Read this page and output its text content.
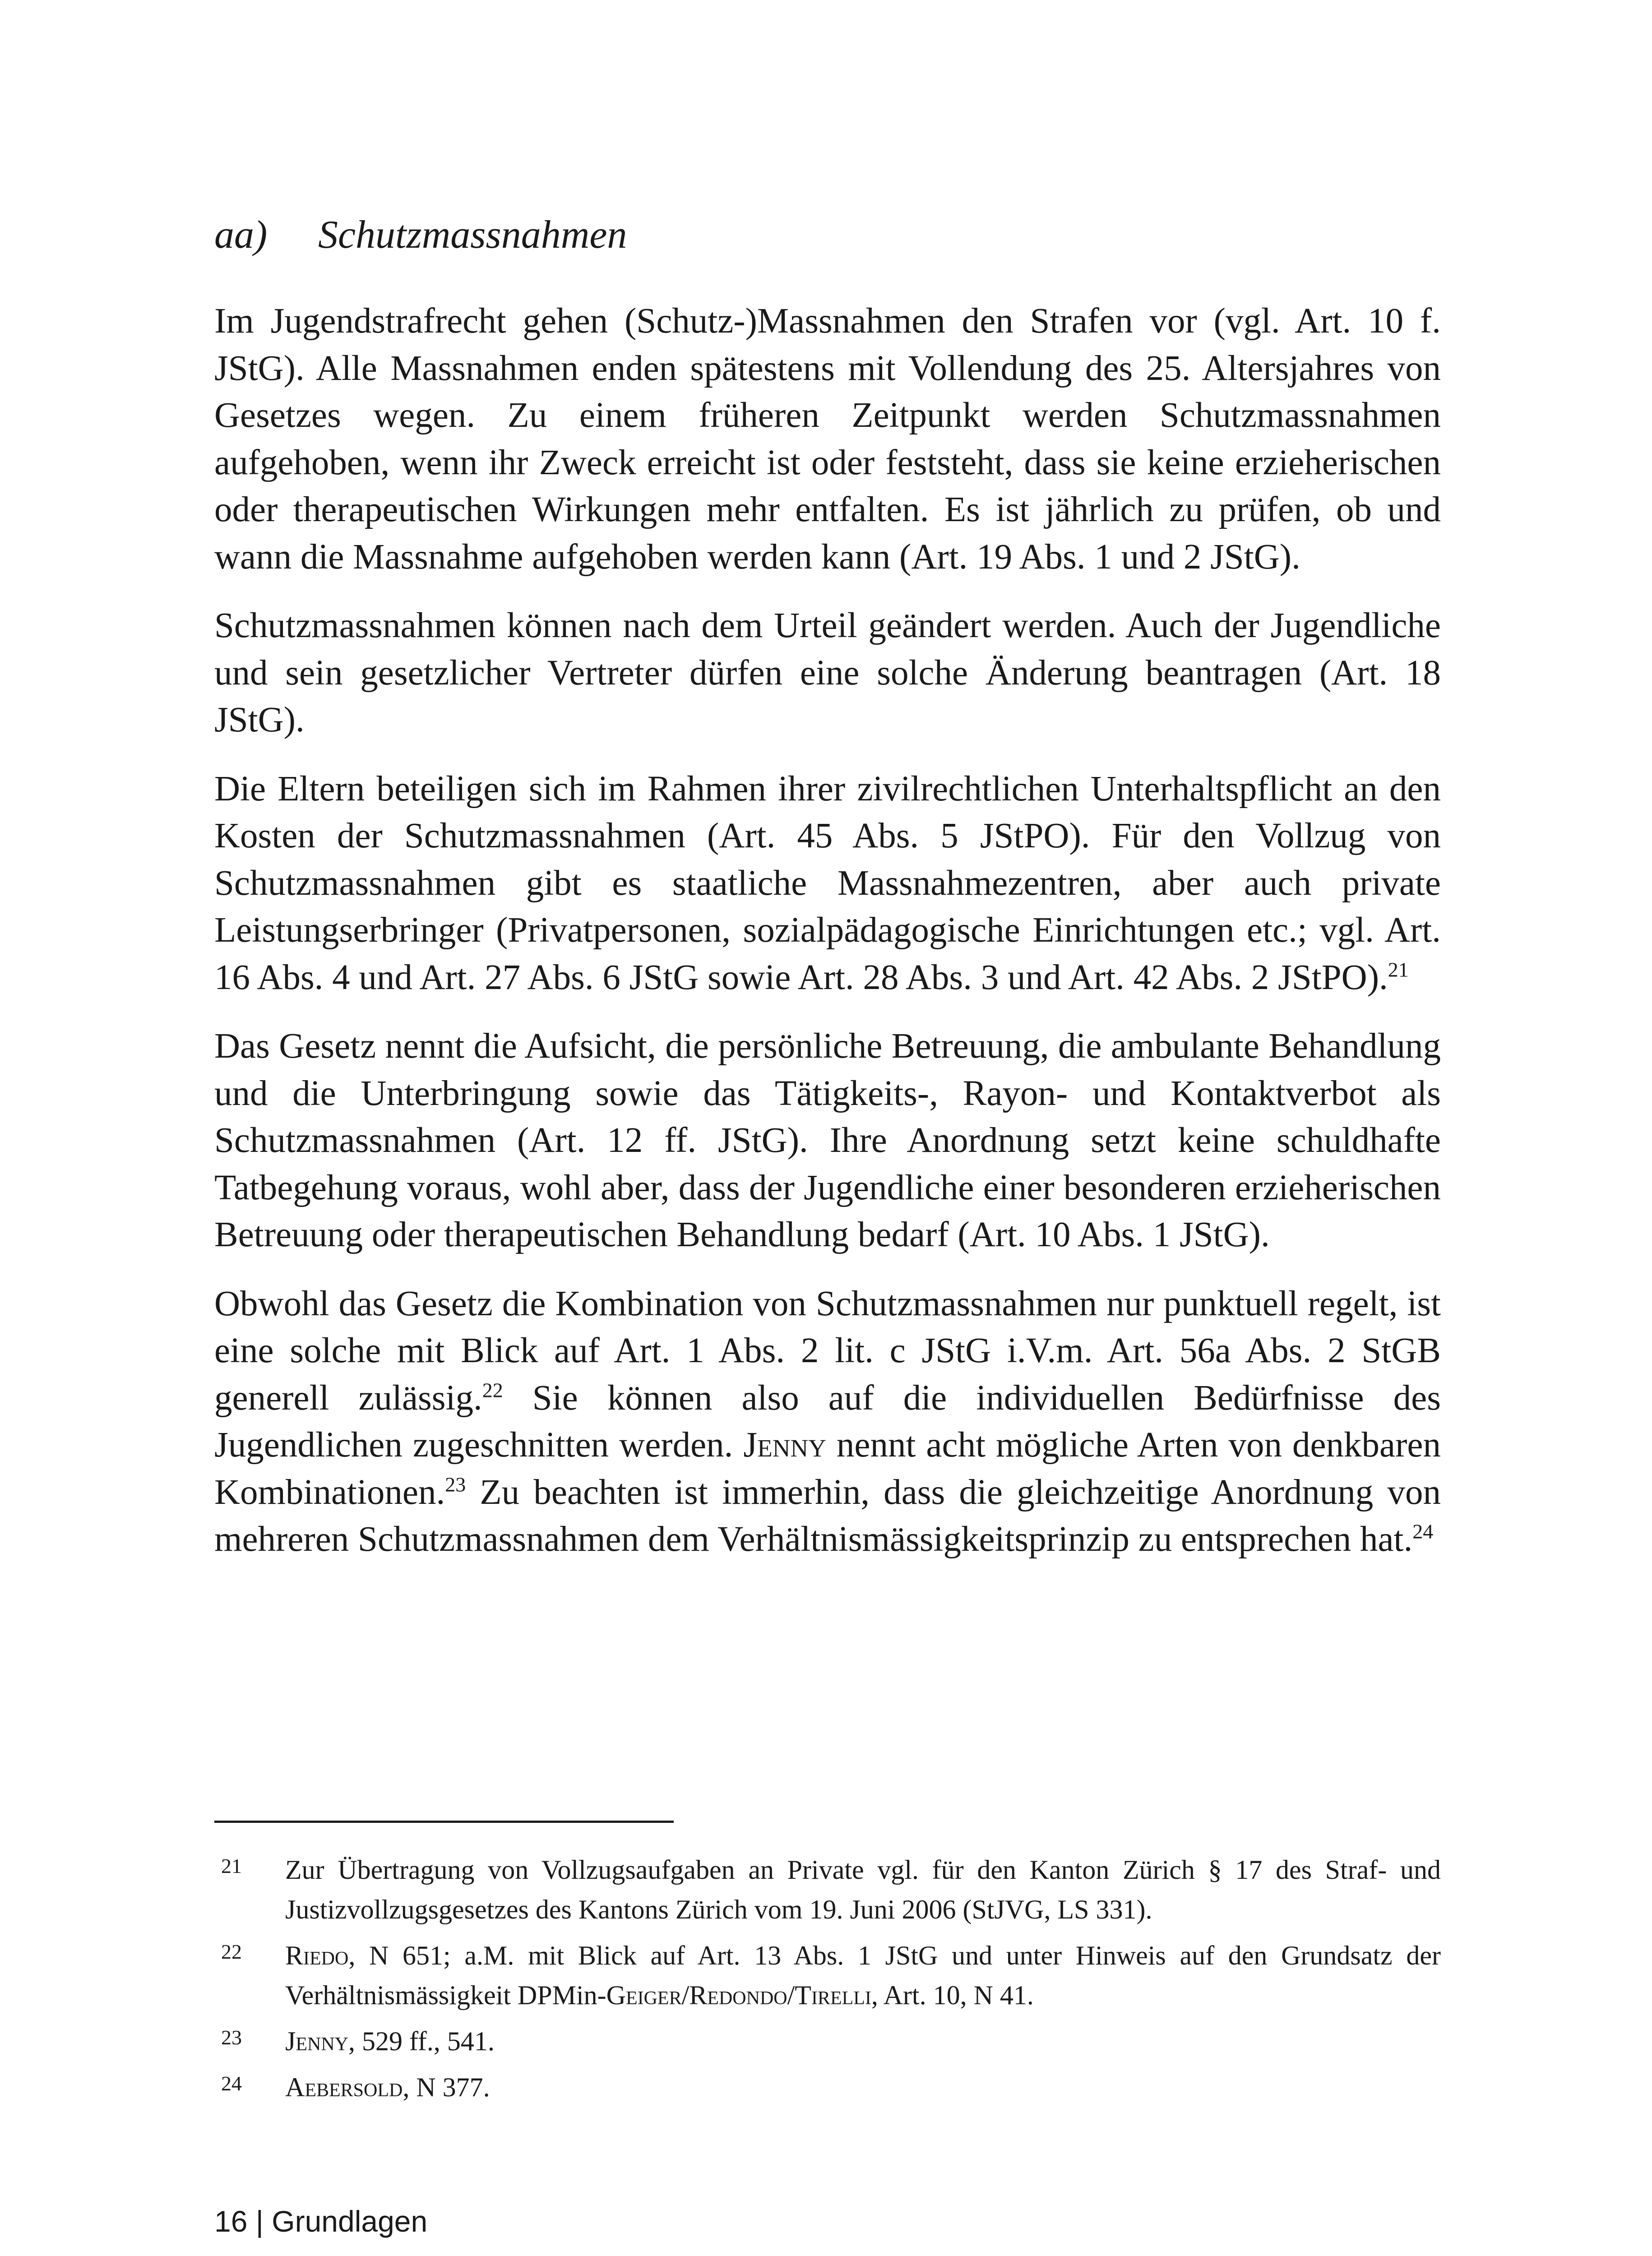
aa) Schutzmassnahmen

Im Jugendstrafrecht gehen (Schutz-)Massnahmen den Strafen vor (vgl. Art. 10 f. JStG). Alle Massnahmen enden spätestens mit Vollendung des 25. Altersjahres von Gesetzes wegen. Zu einem früheren Zeitpunkt werden Schutzmassnahmen aufgehoben, wenn ihr Zweck erreicht ist oder feststeht, dass sie keine erzieherischen oder therapeutischen Wirkungen mehr entfalten. Es ist jährlich zu prüfen, ob und wann die Massnahme aufgehoben werden kann (Art. 19 Abs. 1 und 2 JStG).

Schutzmassnahmen können nach dem Urteil geändert werden. Auch der Jugendliche und sein gesetzlicher Vertreter dürfen eine solche Änderung beantragen (Art. 18 JStG).

Die Eltern beteiligen sich im Rahmen ihrer zivilrechtlichen Unterhaltspflicht an den Kosten der Schutzmassnahmen (Art. 45 Abs. 5 JStPO). Für den Vollzug von Schutzmassnahmen gibt es staatliche Massnahmezentren, aber auch private Leistungserbringer (Privatpersonen, sozialpädagogische Einrichtungen etc.; vgl. Art. 16 Abs. 4 und Art. 27 Abs. 6 JStG sowie Art. 28 Abs. 3 und Art. 42 Abs. 2 JStPO).$^{21}$

Das Gesetz nennt die Aufsicht, die persönliche Betreuung, die ambulante Behandlung und die Unterbringung sowie das Tätigkeits-, Rayon- und Kontaktverbot als Schutzmassnahmen (Art. 12 ff. JStG). Ihre Anordnung setzt keine schuldhafte Tatbegehung voraus, wohl aber, dass der Jugendliche einer besonderen erzieherischen Betreuung oder therapeutischen Behandlung bedarf (Art. 10 Abs. 1 JStG).

Obwohl das Gesetz die Kombination von Schutzmassnahmen nur punktuell regelt, ist eine solche mit Blick auf Art. 1 Abs. 2 lit. c JStG i.V.m. Art. 56a Abs. 2 StGB generell zulässig.$^{22}$ Sie können also auf die individuellen Bedürfnisse des Jugendlichen zugeschnitten werden. Jenny nennt acht mögliche Arten von denkbaren Kombinationen.$^{23}$ Zu beachten ist immerhin, dass die gleichzeitige Anordnung von mehreren Schutzmassnahmen dem Verhältnismässigkeitsprinzip zu entsprechen hat.$^{24}$

21 Zur Übertragung von Vollzugsaufgaben an Private vgl. für den Kanton Zürich § 17 des Straf- und Justizvollzugsgesetzes des Kantons Zürich vom 19. Juni 2006 (StJVG, LS 331).

22 Riedo, N 651; a.M. mit Blick auf Art. 13 Abs. 1 JStG und unter Hinweis auf den Grundsatz der Verhältnismässigkeit DPMin-Geiger/Redondo/Tirelli, Art. 10, N 41.

23 Jenny, 529 ff., 541.

24 Aebersold, N 377.

16 | Grundlagen
